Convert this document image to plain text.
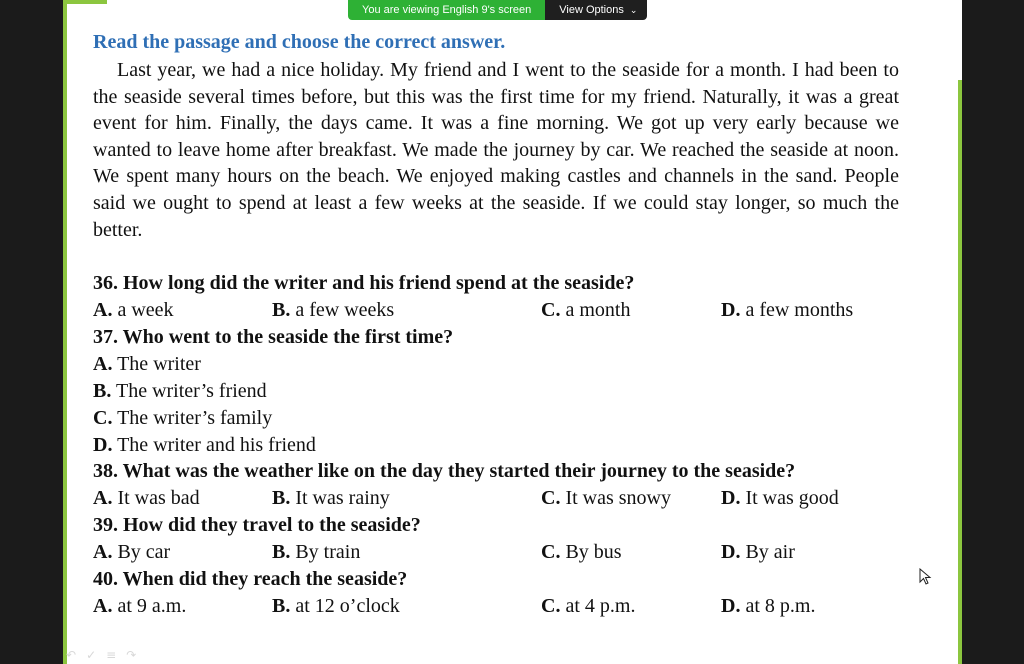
You are viewing English 9's screen	View Options ⌄
Read the passage and choose the correct answer.

Last year, we had a nice holiday. My friend and I went to the seaside for a month. I had been to the seaside several times before, but this was the first time for my friend. Naturally, it was a great event for him. Finally, the days came. It was a fine morning. We got up very early because we wanted to leave home after breakfast. We made the journey by car. We reached the seaside at noon. We spent many hours on the beach. We enjoyed making castles and channels in the sand. People said we ought to spend at least a few weeks at the seaside. If we could stay longer, so much the better.

36. How long did the writer and his friend spend at the seaside?
A. a week	B. a few weeks	C. a month	D. a few months
37. Who went to the seaside the first time?
A. The writer
B. The writer’s friend
C. The writer’s family
D. The writer and his friend
38. What was the weather like on the day they started their journey to the seaside?
A. It was bad	B. It was rainy	C. It was snowy	D. It was good
39. How did they travel to the seaside?
A. By car	B. By train	C. By bus	D. By air
40. When did they reach the seaside?
A. at 9 a.m.	B. at 12 o’clock	C. at 4 p.m.	D. at 8 p.m.
↶ ✓ ≡ ↷
